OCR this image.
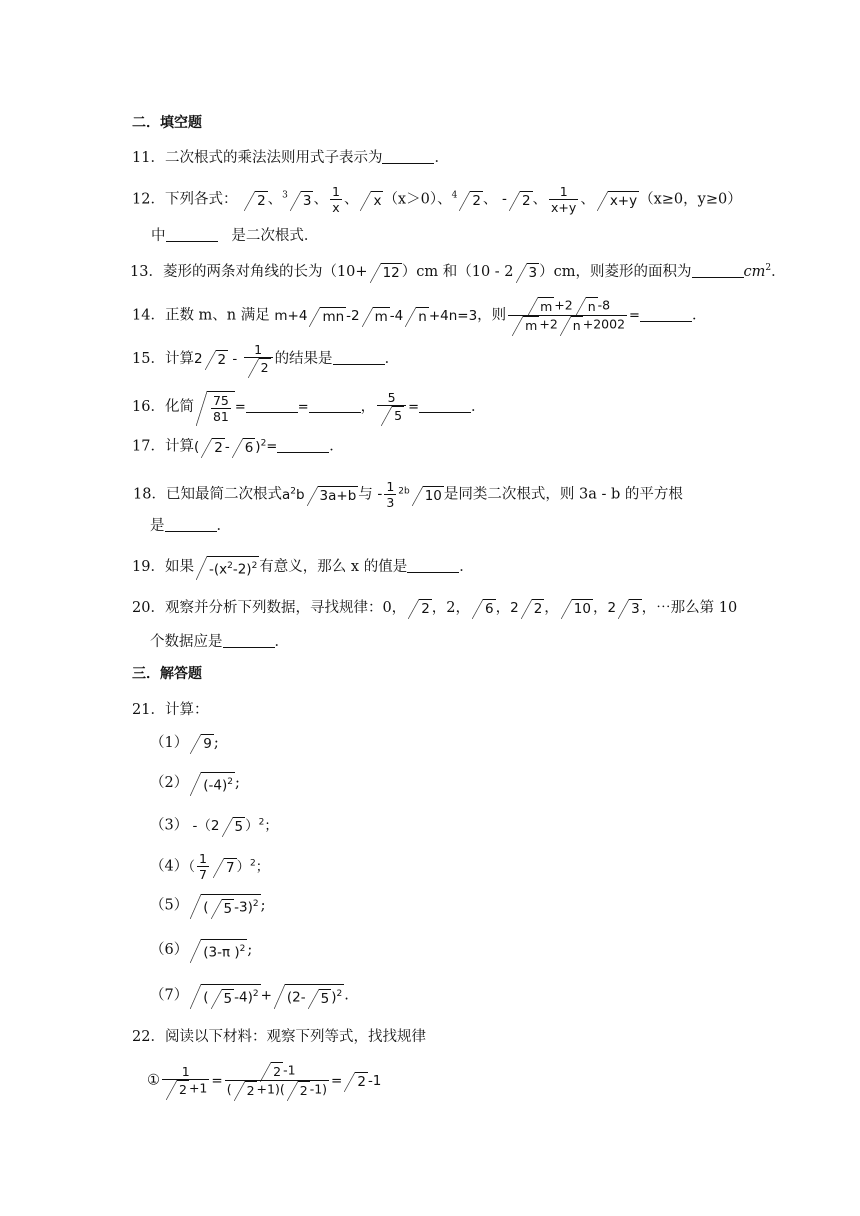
二．填空题
11．二次根式的乘法法则用式子表示为	．
12．下列各式： 2 、$^3$ 3 、 $\frac{1}{x}$ 、 x （x＞0）、$^4$ 2 、 - 2 、 $\frac{1}{x+y}$ 、 x+y （x≥0，y≥0）
中	是二次根式．
13．菱形的两条对角线的长为（10+ 12 ）cm 和（10 - 2 3 ）cm，则菱形的面积为	$cm^2$．
14．正数 m、n 满足 m+4 mn -2 m -4 n +4n=3，则 $\frac{m +2 n -8}{m +2 n +2002}$ =	．
15．计算2 $2 - \frac{1}{2}$ 的结果是	．
16．化简 $\frac{75}{81}$ =	=	， $\frac{5}{5}$ =	．
17．计算( 2 - 6 )$^2$=	．
18．已知最简二次根式$a^2b$ 3a+b 与 - $\frac{1}{3} ^{2b}$ 10 是同类二次根式，则 3a - b 的平方根
是	．
19．如果 $-(x^2-2)^2$ 有意义，那么 x 的值是	．
20．观察并分析下列数据，寻找规律：0， 2 ，2， 6 ，2 2 ， 10 ，2 3 ，⋯那么第 10
个数据应是	．
三．解答题
21．计算：
（1） 9 ;
（2） $(-4)^2$ ;
（3） -（2 5 ）$^2$；
$(4)( \frac{1}{7} 7$ ）$^2$；
（5） ( 5 -3)$^2$ ;
（6） (3-π )$^2$ ;
（7） ( 5 -4)$^2$ + (2- 5 )$^2$ .
22．阅读以下材料：观察下列等式，找找规律
① $\frac{1}{2 +1} = \frac{2 -1}{( 2 +1)( 2 -1)} = 2$ -1
